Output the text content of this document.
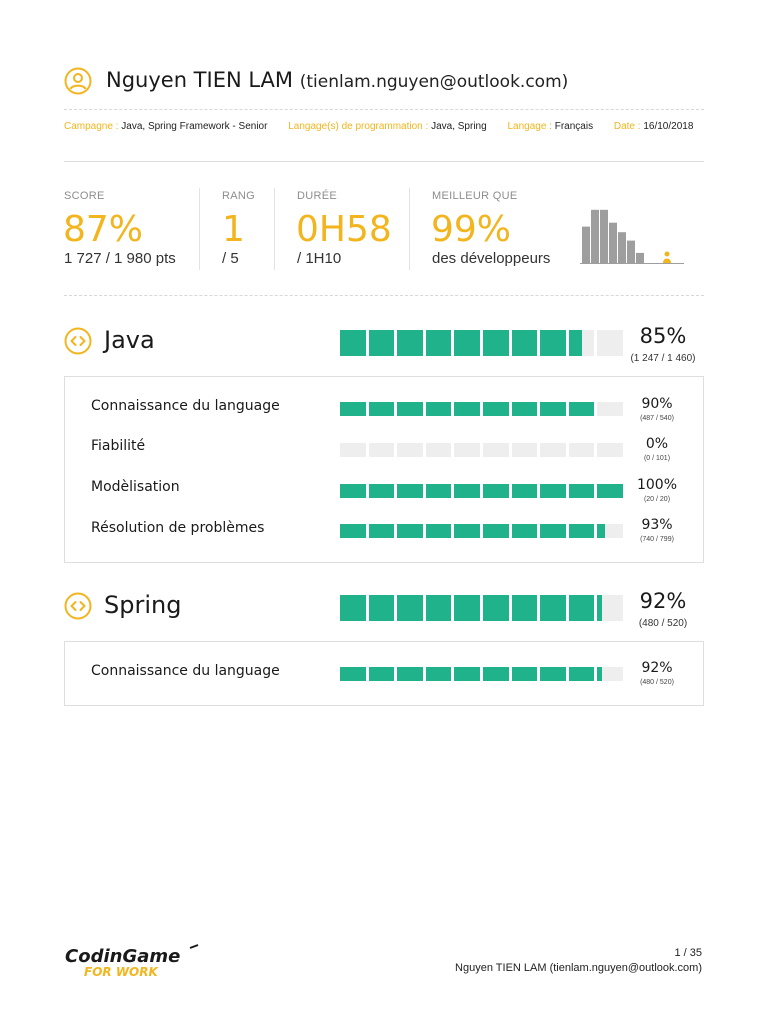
Nguyen TIEN LAM (tienlam.nguyen@outlook.com)
Campagne : Java, Spring Framework - Senior Langage(s) de programmation : Java, Spring Langage : Français Date : 16/10/2018
SCORE
87%
1 727 / 1 980 pts
RANG
1
/ 5
DURÉE
0H58
/ 1H10
MEILLEUR QUE
99%
des développeurs
Java	85%
(1 247 / 1 460)
Connaissance du language	90%
(487 / 540)
Fiabilité	0%
(0 / 101)
Modèlisation	100%
(20 / 20)
Résolution de problèmes	93%
(740 / 799)
Spring	92%
(480 / 520)
Connaissance du language	92%
(480 / 520)
CodinGame
FOR WORK
1 / 35
Nguyen TIEN LAM (tienlam.nguyen@outlook.com)
